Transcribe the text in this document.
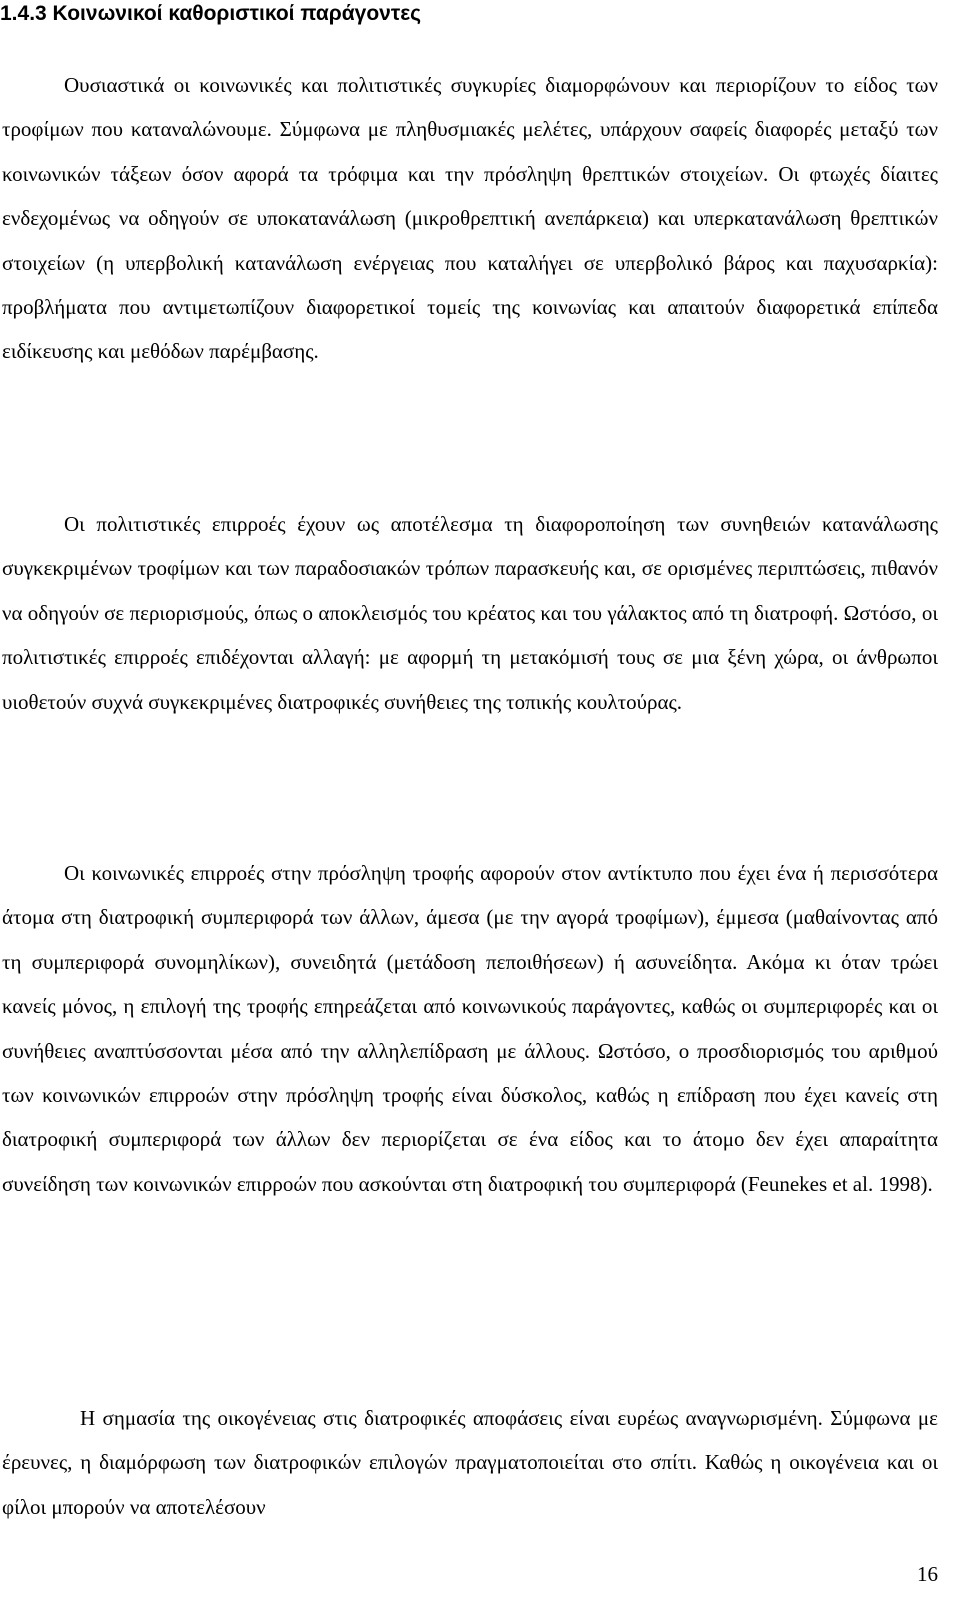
1.4.3 Κοινωνικοί καθοριστικοί παράγοντες

Ουσιαστικά οι κοινωνικές και πολιτιστικές συγκυρίες διαμορφώνουν και περιορίζουν το είδος των τροφίμων που καταναλώνουμε. Σύμφωνα με πληθυσμιακές μελέτες, υπάρχουν σαφείς διαφορές μεταξύ των κοινωνικών τάξεων όσον αφορά τα τρόφιμα και την πρόσληψη θρεπτικών στοιχείων. Οι φτωχές δίαιτες ενδεχομένως να οδηγούν σε υποκατανάλωση (μικροθρεπτική ανεπάρκεια) και υπερκατανάλωση θρεπτικών στοιχείων (η υπερβολική κατανάλωση ενέργειας που καταλήγει σε υπερβολικό βάρος και παχυσαρκία): προβλήματα που αντιμετωπίζουν διαφορετικοί τομείς της κοινωνίας και απαιτούν διαφορετικά επίπεδα ειδίκευσης και μεθόδων παρέμβασης.

Οι πολιτιστικές επιρροές έχουν ως αποτέλεσμα τη διαφοροποίηση των συνηθειών κατανάλωσης συγκεκριμένων τροφίμων και των παραδοσιακών τρόπων παρασκευής και, σε ορισμένες περιπτώσεις, πιθανόν να οδηγούν σε περιορισμούς, όπως ο αποκλεισμός του κρέατος και του γάλακτος από τη διατροφή. Ωστόσο, οι πολιτιστικές επιρροές επιδέχονται αλλαγή: με αφορμή τη μετακόμισή τους σε μια ξένη χώρα, οι άνθρωποι υιοθετούν συχνά συγκεκριμένες διατροφικές συνήθειες της τοπικής κουλτούρας.

Οι κοινωνικές επιρροές στην πρόσληψη τροφής αφορούν στον αντίκτυπο που έχει ένα ή περισσότερα άτομα στη διατροφική συμπεριφορά των άλλων, άμεσα (με την αγορά τροφίμων), έμμεσα (μαθαίνοντας από τη συμπεριφορά συνομηλίκων), συνειδητά (μετάδοση πεποιθήσεων) ή ασυνείδητα. Ακόμα κι όταν τρώει κανείς μόνος, η επιλογή της τροφής επηρεάζεται από κοινωνικούς παράγοντες, καθώς οι συμπεριφορές και οι συνήθειες αναπτύσσονται μέσα από την αλληλεπίδραση με άλλους. Ωστόσο, ο προσδιορισμός του αριθμού των κοινωνικών επιρροών στην πρόσληψη τροφής είναι δύσκολος, καθώς η επίδραση που έχει κανείς στη διατροφική συμπεριφορά των άλλων δεν περιορίζεται σε ένα είδος και το άτομο δεν έχει απαραίτητα συνείδηση των κοινωνικών επιρροών που ασκούνται στη διατροφική του συμπεριφορά (Feunekes et al. 1998).

Η σημασία της οικογένειας στις διατροφικές αποφάσεις είναι ευρέως αναγνωρισμένη. Σύμφωνα με έρευνες, η διαμόρφωση των διατροφικών επιλογών πραγματοποιείται στο σπίτι. Καθώς η οικογένεια και οι φίλοι μπορούν να αποτελέσουν

16
